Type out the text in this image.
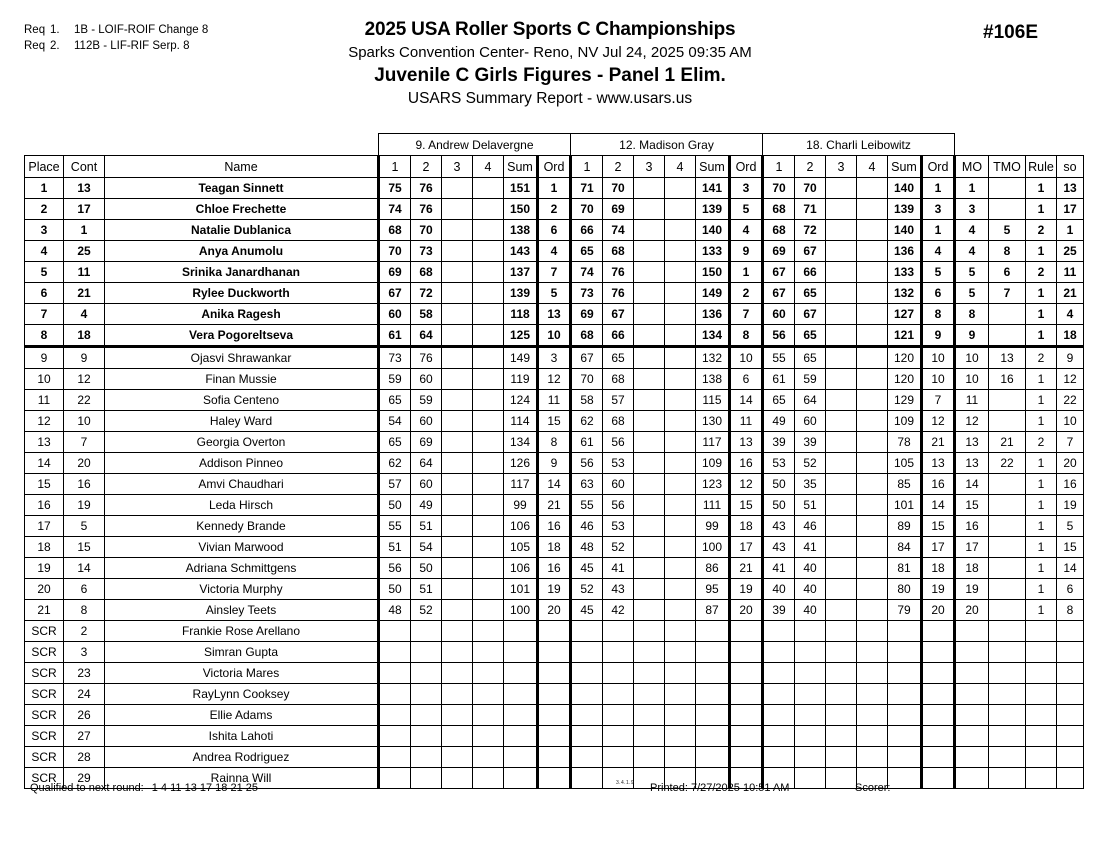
Req 1. 1B - LOIF-ROIF Change 8
Req 2. 112B - LIF-RIF Serp. 8
2025 USA Roller Sports C Championships
Sparks Convention Center- Reno, NV Jul 24, 2025 09:35 AM
Juvenile C Girls Figures - Panel 1 Elim.
USARS Summary Report - www.usars.us
#106E
			9. Andrew Delavergne						12. Madison Gray						18. Charli Leibowitz									
Place	Cont	Name	1	2	3	4	Sum	Ord	1	2	3	4	Sum	Ord	1	2	3	4	Sum	Ord	MO	TMO	Rule	so
1	13	Teagan Sinnett	75	76			151	1	71	70			141	3	70	70			140	1	1		1	13
2	17	Chloe Frechette	74	76			150	2	70	69			139	5	68	71			139	3	3		1	17
3	1	Natalie Dublanica	68	70			138	6	66	74			140	4	68	72			140	1	4	5	2	1
4	25	Anya Anumolu	70	73			143	4	65	68			133	9	69	67			136	4	4	8	1	25
5	11	Srinika Janardhanan	69	68			137	7	74	76			150	1	67	66			133	5	5	6	2	11
6	21	Rylee Duckworth	67	72			139	5	73	76			149	2	67	65			132	6	5	7	1	21
7	4	Anika Ragesh	60	58			118	13	69	67			136	7	60	67			127	8	8		1	4
8	18	Vera Pogoreltseva	61	64			125	10	68	66			134	8	56	65			121	9	9		1	18
9	9	Ojasvi Shrawankar	73	76			149	3	67	65			132	10	55	65			120	10	10	13	2	9
10	12	Finan Mussie	59	60			119	12	70	68			138	6	61	59			120	10	10	16	1	12
11	22	Sofia Centeno	65	59			124	11	58	57			115	14	65	64			129	7	11		1	22
12	10	Haley Ward	54	60			114	15	62	68			130	11	49	60			109	12	12		1	10
13	7	Georgia Overton	65	69			134	8	61	56			117	13	39	39			78	21	13	21	2	7
14	20	Addison Pinneo	62	64			126	9	56	53			109	16	53	52			105	13	13	22	1	20
15	16	Amvi Chaudhari	57	60			117	14	63	60			123	12	50	35			85	16	14		1	16
16	19	Leda Hirsch	50	49			99	21	55	56			111	15	50	51			101	14	15		1	19
17	5	Kennedy Brande	55	51			106	16	46	53			99	18	43	46			89	15	16		1	5
18	15	Vivian Marwood	51	54			105	18	48	52			100	17	43	41			84	17	17		1	15
19	14	Adriana Schmittgens	56	50			106	16	45	41			86	21	41	40			81	18	18		1	14
20	6	Victoria Murphy	50	51			101	19	52	43			95	19	40	40			80	19	19		1	6
21	8	Ainsley Teets	48	52			100	20	45	42			87	20	39	40			79	20	20		1	8
SCR	2	Frankie Rose Arellano																						
SCR	3	Simran Gupta																						
SCR	23	Victoria Mares																						
SCR	24	RayLynn Cooksey																						
SCR	26	Ellie Adams																						
SCR	27	Ishita Lahoti																						
SCR	28	Andrea Rodriguez																						
SCR	29	Rainna Will																						
Qualified to next round: 1 4 11 13 17 18 21 25	3.4.1.9 Printed: 7/27/2025 10:51 AM	Scorer:
